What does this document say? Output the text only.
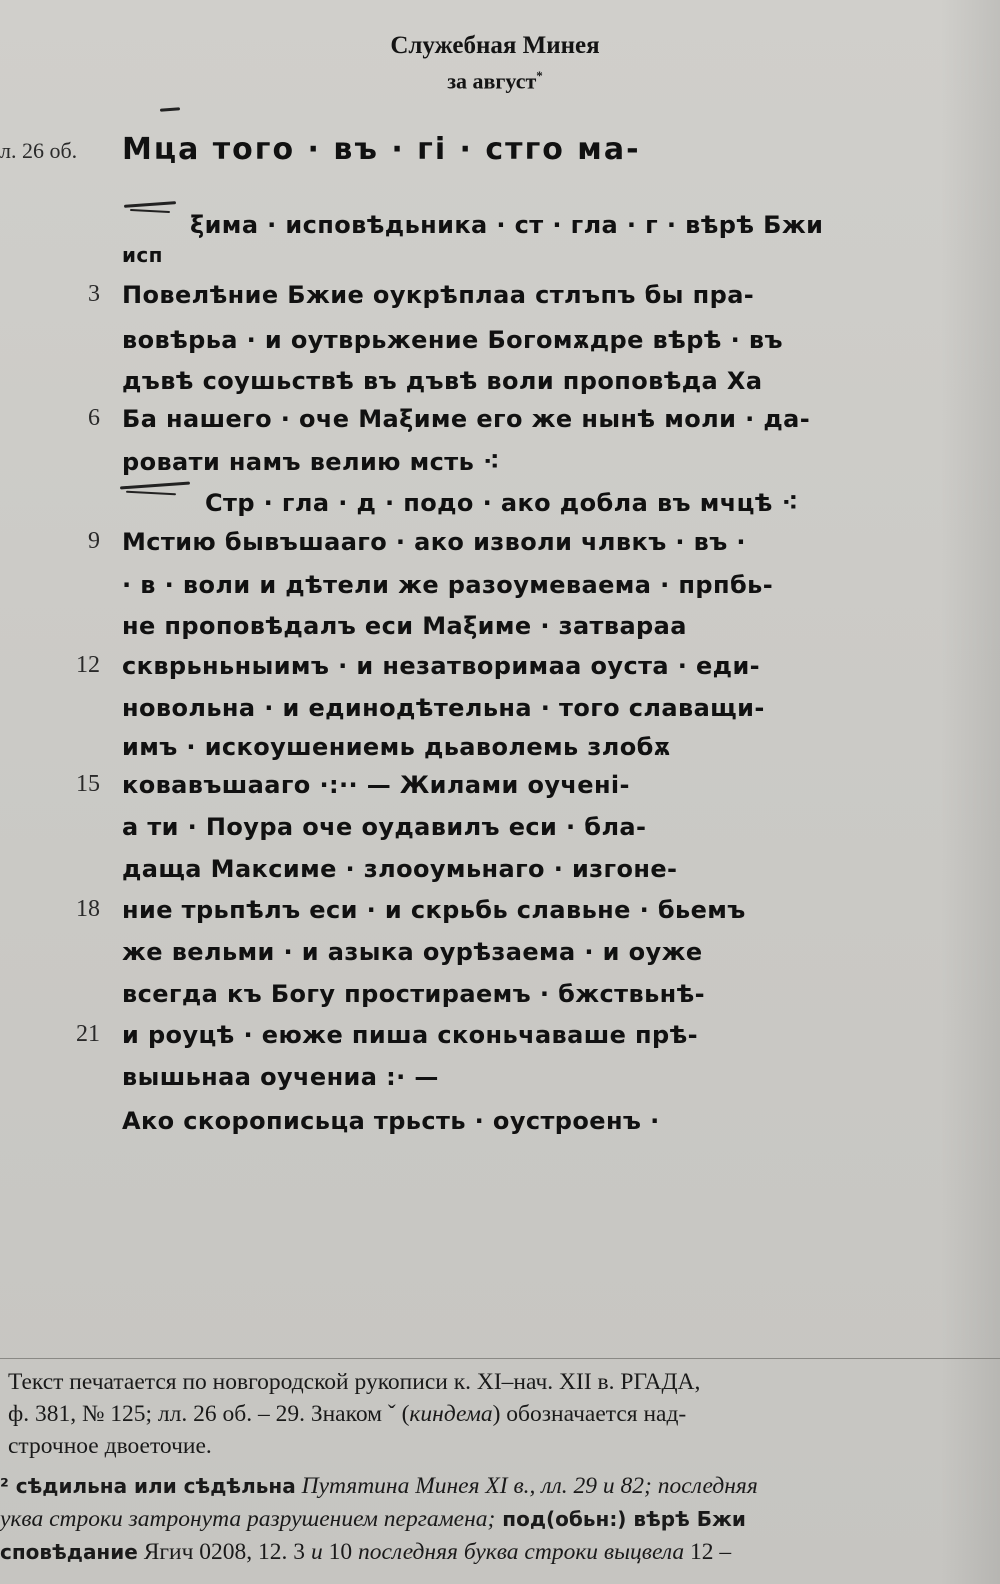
Служебная Минея
за август*
л. 26 об.
3
6
9
12
15
18
21
Мца того · въ · гі · стго ма-
ξима · исповѣдьника · ст · гла · г · вѣрѣ Бжи
исп
Повелѣние Бжие оукрѣплаа стлъпъ бы пра-
вовѣрьа · и оутврьжение Богомѫдре вѣрѣ · въ
дъвѣ соушьствѣ въ дъвѣ воли проповѣда Ха
Ба нашего · оче Маξиме его же нынѣ моли · да-
ровати намъ велию мсть ⁖
Стр · гла · д · подо · ако добла въ мчцѣ ⁖
Мстию бывъшааго · ако изволи члвкъ · въ ·
· в · воли и дѣтели же разоумеваема · прпбь-
не проповѣдалъ еси Маξиме · затвараа
скврьньныимъ · и незатворимаа оуста · еди-
новольна · и единодѣтельна · того славащи-
имъ · искоушениемь дьаволемь злобѫ
ковавъшааго ·:·· — Жилами оучені-
а ти · Поура оче оудавилъ еси · бла-
дащa Максиме · злооумьнаго · изгоне-
ние трьпѣлъ еси · и скрьбь славьне · бьемъ
же вельми · и азыка оурѣзаема · и оуже
всегда къ Богу простираемъ · бжствьнѣ-
и роуцѣ · еюже пиша сконьчаваше прѣ-
вышьнаа оучениа :· —
Ако скорописьца трьсть · оустроенъ ·
Текст печатается по новгородской рукописи к. XI–нач. XII в. РГАДА,
ф. 381, № 125; лл. 26 об. – 29. Знаком ˇ (киндема) обозначается над-
строчное двоеточие.
² сѣдильна или сѣдѣльна Путятина Минея XI в., лл. 29 и 82; последняя
уква строки затронута разрушением пергамена; под(обьн:) вѣрѣ Бжи
сповѣдание Ягич 0208, 12. 3 и 10 последняя буква строки выцвела 12 –
